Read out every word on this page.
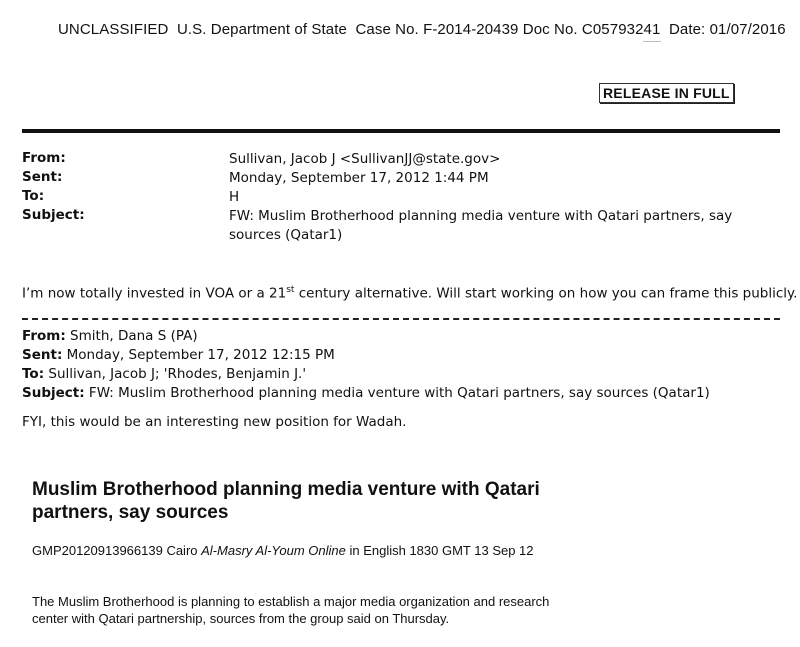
UNCLASSIFIED U.S. Department of State Case No. F-2014-20439 Doc No. C05793241 Date: 01/07/2016
RELEASE IN FULL
From:	Sullivan, Jacob J <SullivanJJ@state.gov>
Sent:	Monday, September 17, 2012 1:44 PM
To:	H
Subject:	FW: Muslim Brotherhood planning media venture with Qatari partners, say sources (Qatar1)
I’m now totally invested in VOA or a 21st century alternative. Will start working on how you can frame this publicly.
From: Smith, Dana S (PA)
Sent: Monday, September 17, 2012 12:15 PM
To: Sullivan, Jacob J; 'Rhodes, Benjamin J.'
Subject: FW: Muslim Brotherhood planning media venture with Qatari partners, say sources (Qatar1)
FYI, this would be an interesting new position for Wadah.
Muslim Brotherhood planning media venture with Qatari partners, say sources
GMP20120913966139 Cairo Al-Masry Al-Youm Online in English 1830 GMT 13 Sep 12
The Muslim Brotherhood is planning to establish a major media organization and research center with Qatari partnership, sources from the group said on Thursday.
